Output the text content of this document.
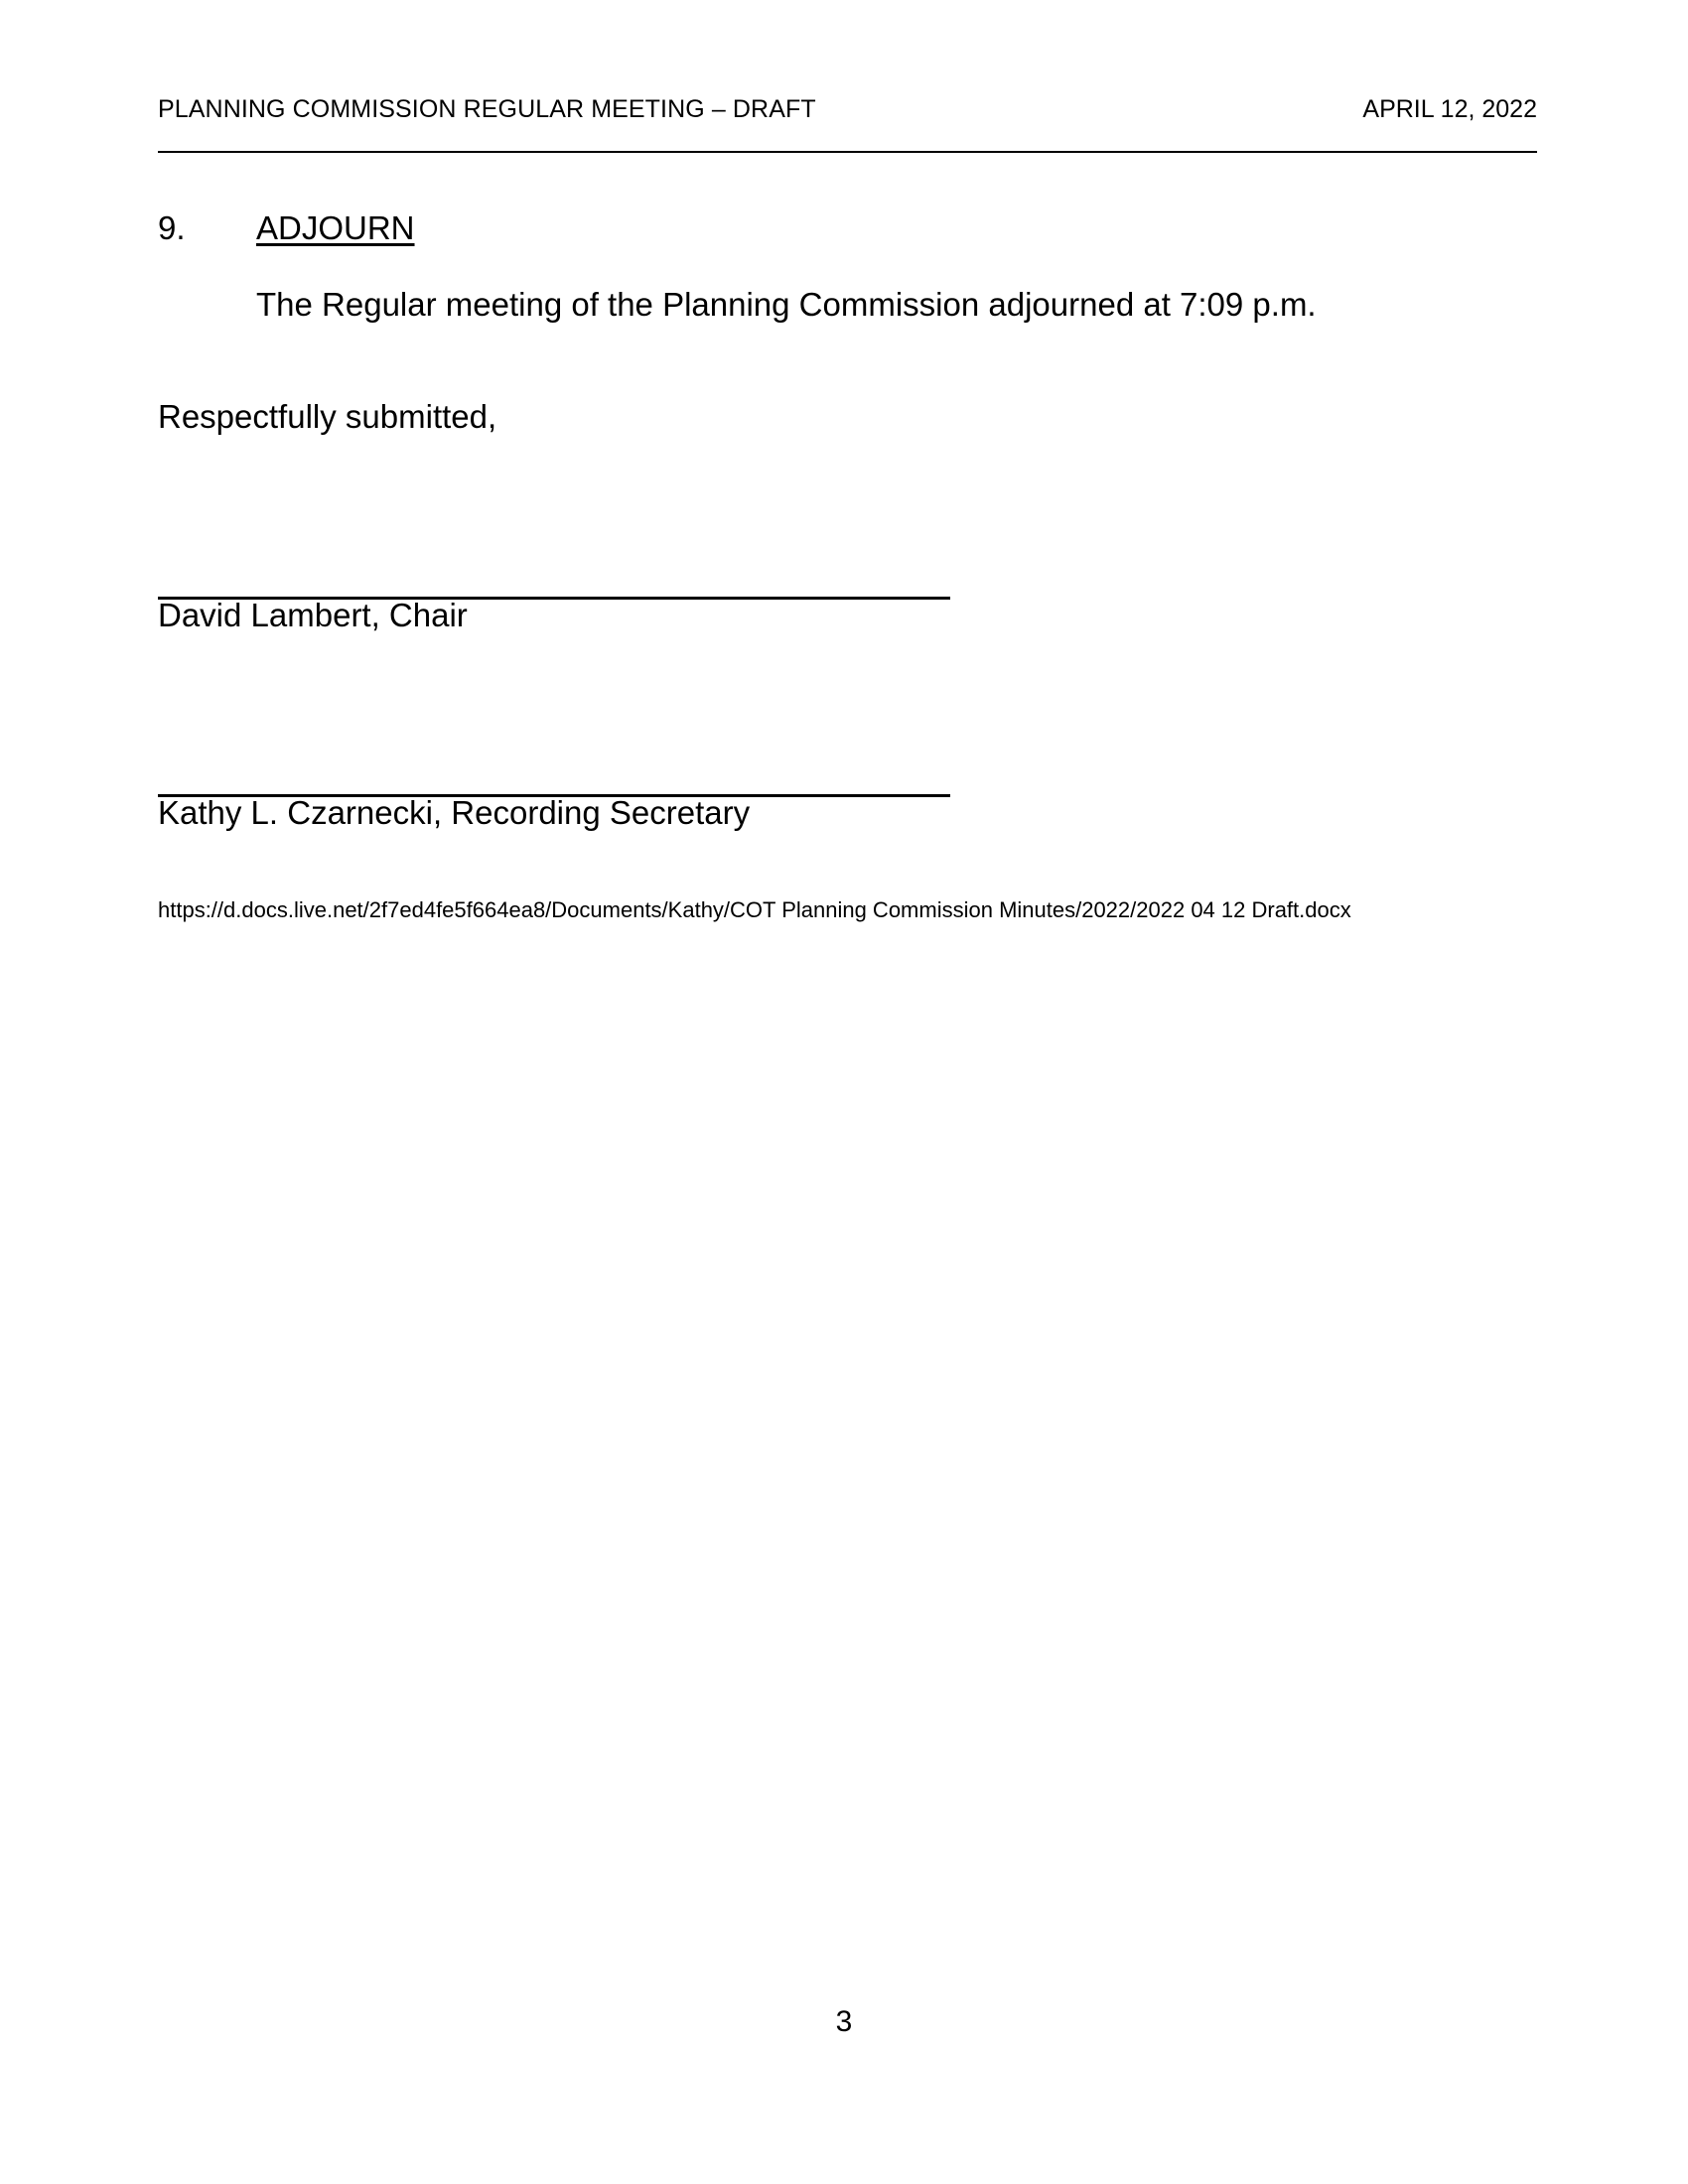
PLANNING COMMISSION REGULAR MEETING – DRAFT	APRIL 12, 2022
9. ADJOURN
The Regular meeting of the Planning Commission adjourned at 7:09 p.m.
Respectfully submitted,
David Lambert, Chair
Kathy L. Czarnecki, Recording Secretary
https://d.docs.live.net/2f7ed4fe5f664ea8/Documents/Kathy/COT Planning Commission Minutes/2022/2022 04 12 Draft.docx
3
